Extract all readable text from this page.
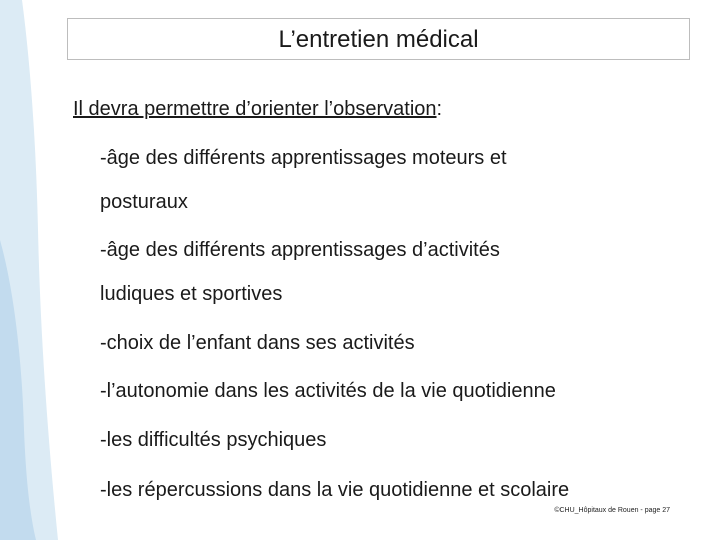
L’entretien médical
Il devra permettre d’orienter l’observation:
-âge des différents apprentissages moteurs et
posturaux
-âge des différents apprentissages d’activités
ludiques et sportives
-choix de l’enfant dans ses activités
-l’autonomie dans les activités de la vie quotidienne
-les difficultés psychiques
-les répercussions dans la vie quotidienne et scolaire
©CHU_Hôpitaux de Rouen - page 27
